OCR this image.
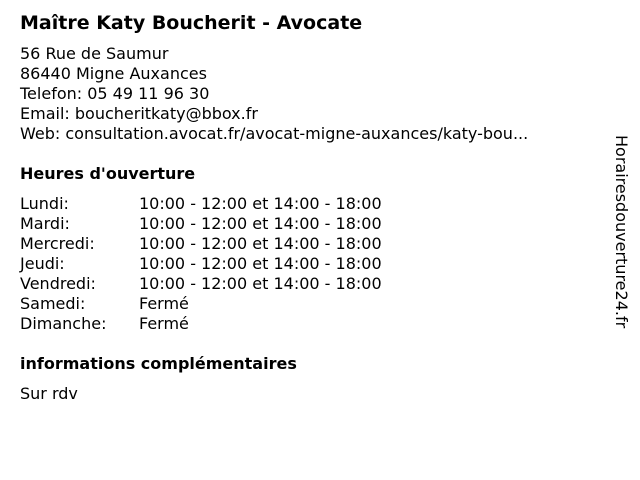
Maître Katy Boucherit - Avocate
56 Rue de Saumur
86440 Migne Auxances
Telefon: 05 49 11 96 30
Email: boucheritkaty@bbox.fr
Web: consultation.avocat.fr/avocat-migne-auxances/katy-bou...
Heures d'ouverture
Lundi:	10:00 - 12:00 et 14:00 - 18:00
Mardi:	10:00 - 12:00 et 14:00 - 18:00
Mercredi:	10:00 - 12:00 et 14:00 - 18:00
Jeudi:	10:00 - 12:00 et 14:00 - 18:00
Vendredi:	10:00 - 12:00 et 14:00 - 18:00
Samedi:	Fermé
Dimanche: Fermé
informations complémentaires
Sur rdv
Horairesdouverture24.fr
